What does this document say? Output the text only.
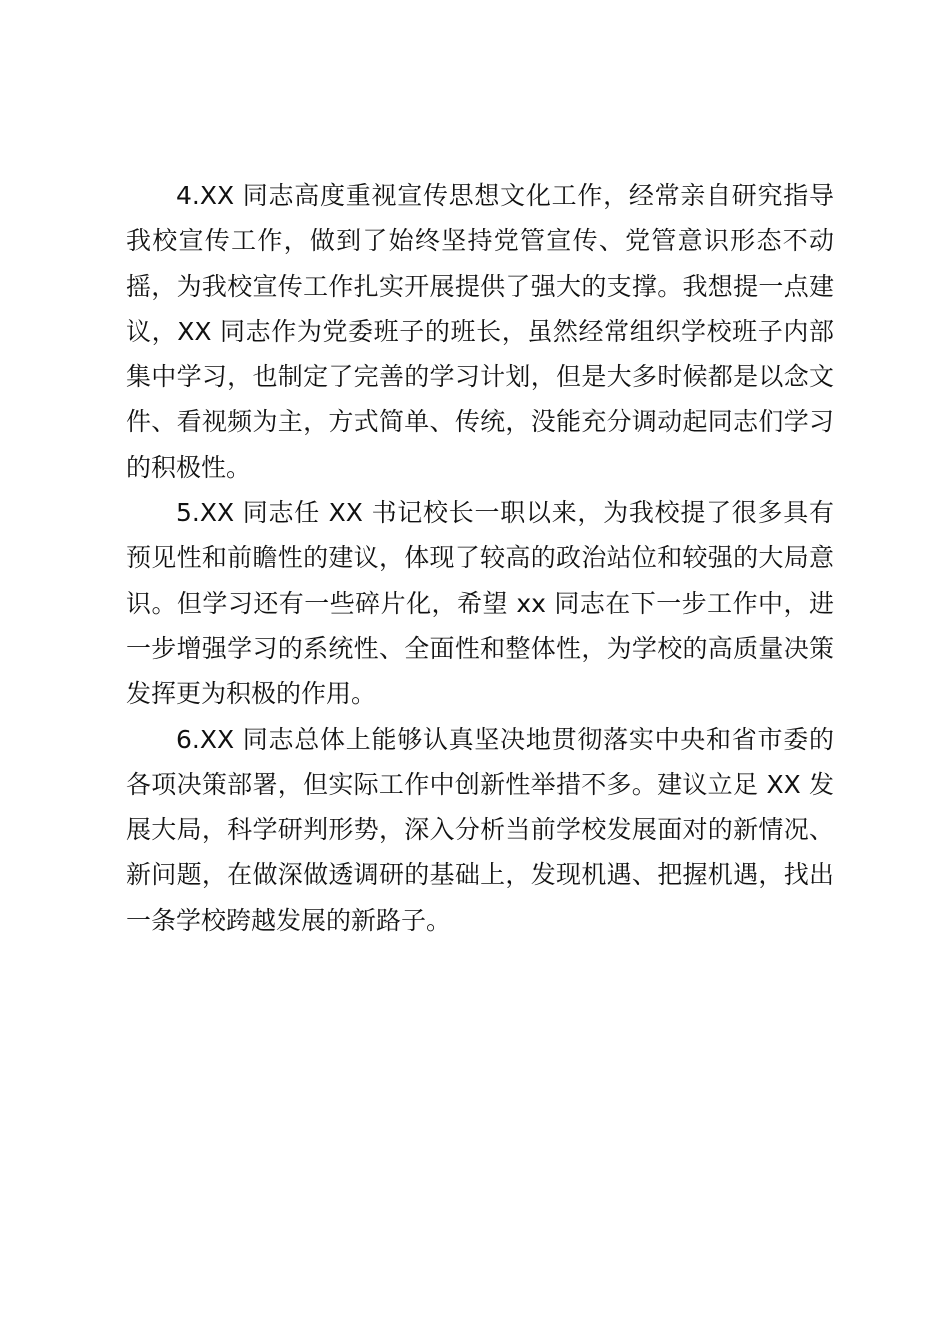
4.XX 同志高度重视宣传思想文化工作，经常亲自研究指导我校宣传工作，做到了始终坚持党管宣传、党管意识形态不动摇，为我校宣传工作扎实开展提供了强大的支撑。我想提一点建议，XX 同志作为党委班子的班长，虽然经常组织学校班子内部集中学习，也制定了完善的学习计划，但是大多时候都是以念文件、看视频为主，方式简单、传统，没能充分调动起同志们学习的积极性。

5.XX 同志任 XX 书记校长一职以来，为我校提了很多具有预见性和前瞻性的建议，体现了较高的政治站位和较强的大局意识。但学习还有一些碎片化，希望 xx 同志在下一步工作中，进一步增强学习的系统性、全面性和整体性，为学校的高质量决策发挥更为积极的作用。

6.XX 同志总体上能够认真坚决地贯彻落实中央和省市委的各项决策部署，但实际工作中创新性举措不多。建议立足 XX 发展大局，科学研判形势，深入分析当前学校发展面对的新情况、新问题，在做深做透调研的基础上，发现机遇、把握机遇，找出一条学校跨越发展的新路子。
